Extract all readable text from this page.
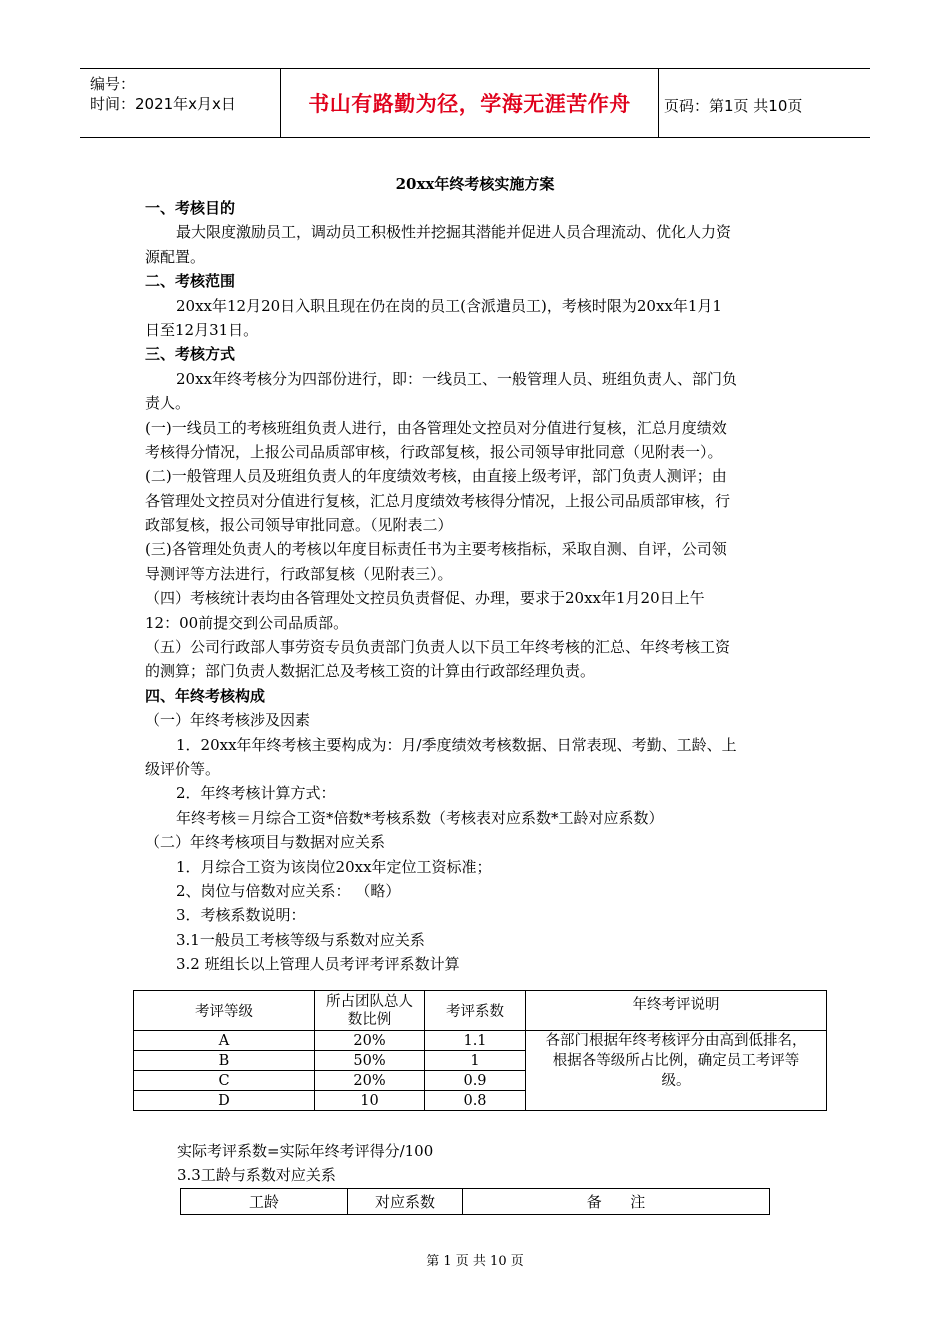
编号：
时间：2021年x月x日	书山有路勤为径，学海无涯苦作舟	页码：第1页 共10页
20xx年终考核实施方案
一、考核目的
最大限度激励员工，调动员工积极性并挖掘其潜能并促进人员合理流动、优化人力资
源配置。
二、考核范围
20xx年12月20日入职且现在仍在岗的员工(含派遣员工)，考核时限为20xx年1月1
日至12月31日。
三、考核方式
20xx年终考核分为四部份进行，即：一线员工、一般管理人员、班组负责人、部门负
责人。
(一)一线员工的考核班组负责人进行，由各管理处文控员对分值进行复核，汇总月度绩效
考核得分情况，上报公司品质部审核，行政部复核，报公司领导审批同意（见附表一）。
(二)一般管理人员及班组负责人的年度绩效考核，由直接上级考评，部门负责人测评；由
各管理处文控员对分值进行复核，汇总月度绩效考核得分情况，上报公司品质部审核，行
政部复核，报公司领导审批同意。（见附表二）
(三)各管理处负责人的考核以年度目标责任书为主要考核指标，采取自测、自评，公司领
导测评等方法进行，行政部复核（见附表三）。
（四）考核统计表均由各管理处文控员负责督促、办理，要求于20xx年1月20日上午
12：00前提交到公司品质部。
（五）公司行政部人事劳资专员负责部门负责人以下员工年终考核的汇总、年终考核工资
的测算；部门负责人数据汇总及考核工资的计算由行政部经理负责。
四、年终考核构成
（一）年终考核涉及因素
1．20xx年年终考核主要构成为：月/季度绩效考核数据、日常表现、考勤、工龄、上
级评价等。
2．年终考核计算方式：
年终考核＝月综合工资*倍数*考核系数（考核表对应系数*工龄对应系数）
（二）年终考核项目与数据对应关系
1．月综合工资为该岗位20xx年定位工资标准；
2、岗位与倍数对应关系： （略）
3．考核系数说明：
3.1一般员工考核等级与系数对应关系
3.2 班组长以上管理人员考评考评系数计算
考评等级	所占团队总人数比例	考评系数	年终考评说明
A	20%	1.1	各部门根据年终考核评分由高到低排名，根据各等级所占比例，确定员工考评等级。
B	50%	1	
C	20%	0.9	
D	10	0.8	
实际考评系数=实际年终考评得分/100
3.3工龄与系数对应关系
工龄	对应系数	备      注
第 1 页 共 10 页
